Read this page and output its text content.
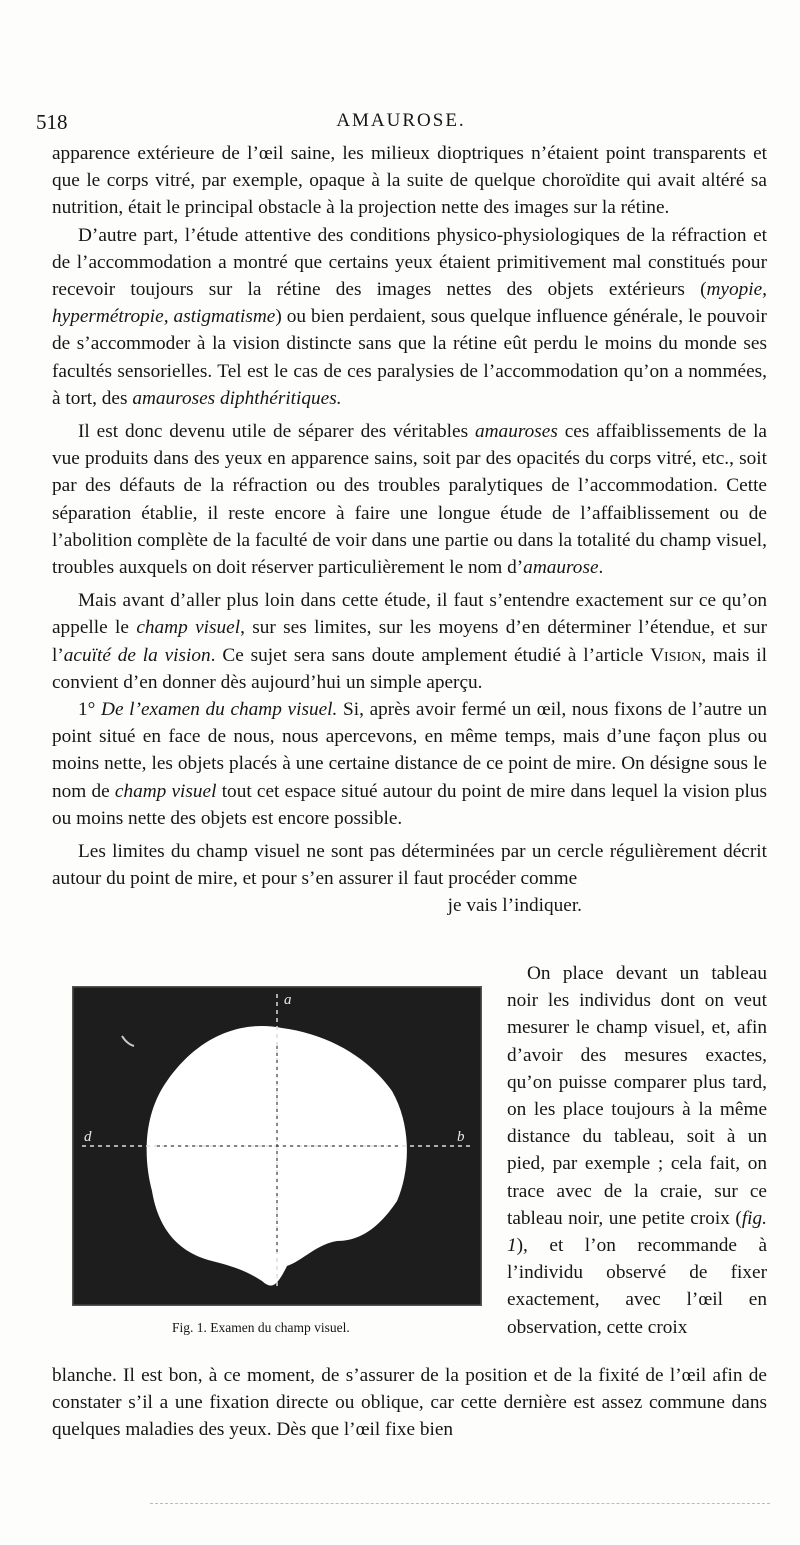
518	AMAUROSE.

apparence extérieure de l’œil saine, les milieux dioptriques n’étaient point transparents et que le corps vitré, par exemple, opaque à la suite de quelque choroïdite qui avait altéré sa nutrition, était le principal obstacle à la projection nette des images sur la rétine.

D’autre part, l’étude attentive des conditions physico-physiologiques de la réfraction et de l’accommodation a montré que certains yeux étaient primitivement mal constitués pour recevoir toujours sur la rétine des images nettes des objets extérieurs (myopie, hypermétropie, astigmatisme) ou bien perdaient, sous quelque influence générale, le pouvoir de s’accommoder à la vision distincte sans que la rétine eût perdu le moins du monde ses facultés sensorielles. Tel est le cas de ces paralysies de l’accommodation qu’on a nommées, à tort, des amauroses diphthéritiques.

Il est donc devenu utile de séparer des véritables amauroses ces affaiblissements de la vue produits dans des yeux en apparence sains, soit par des opacités du corps vitré, etc., soit par des défauts de la réfraction ou des troubles paralytiques de l’accommodation. Cette séparation établie, il reste encore à faire une longue étude de l’affaiblissement ou de l’abolition complète de la faculté de voir dans une partie ou dans la totalité du champ visuel, troubles auxquels on doit réserver particulièrement le nom d’amaurose.

Mais avant d’aller plus loin dans cette étude, il faut s’entendre exactement sur ce qu’on appelle le champ visuel, sur ses limites, sur les moyens d’en déterminer l’étendue, et sur l’acuïté de la vision. Ce sujet sera sans doute amplement étudié à l’article Vision, mais il convient d’en donner dès aujourd’hui un simple aperçu.

1° De l’examen du champ visuel. Si, après avoir fermé un œil, nous fixons de l’autre un point situé en face de nous, nous apercevons, en même temps, mais d’une façon plus ou moins nette, les objets placés à une certaine distance de ce point de mire. On désigne sous le nom de champ visuel tout cet espace situé autour du point de mire dans lequel la vision plus ou moins nette des objets est encore possible.

Les limites du champ visuel ne sont pas déterminées par un cercle régulièrement décrit autour du point de mire, et pour s’en assurer il faut procéder comme

je vais l’indiquer.

a
d	b
Fig. 1. Examen du champ visuel.
On place devant un tableau noir les individus dont on veut mesurer le champ visuel, et, afin d’avoir des mesures exactes, qu’on puisse comparer plus tard, on les place toujours à la même distance du tableau, soit à un pied, par exemple ; cela fait, on trace avec de la craie, sur ce tableau noir, une petite croix (fig. 1), et l’on recommande à l’individu observé de fixer exactement, avec l’œil en observation, cette croix
blanche. Il est bon, à ce moment, de s’assurer de la position et de la fixité de l’œil afin de constater s’il a une fixation directe ou oblique, car cette dernière est assez commune dans quelques maladies des yeux. Dès que l’œil fixe bien
